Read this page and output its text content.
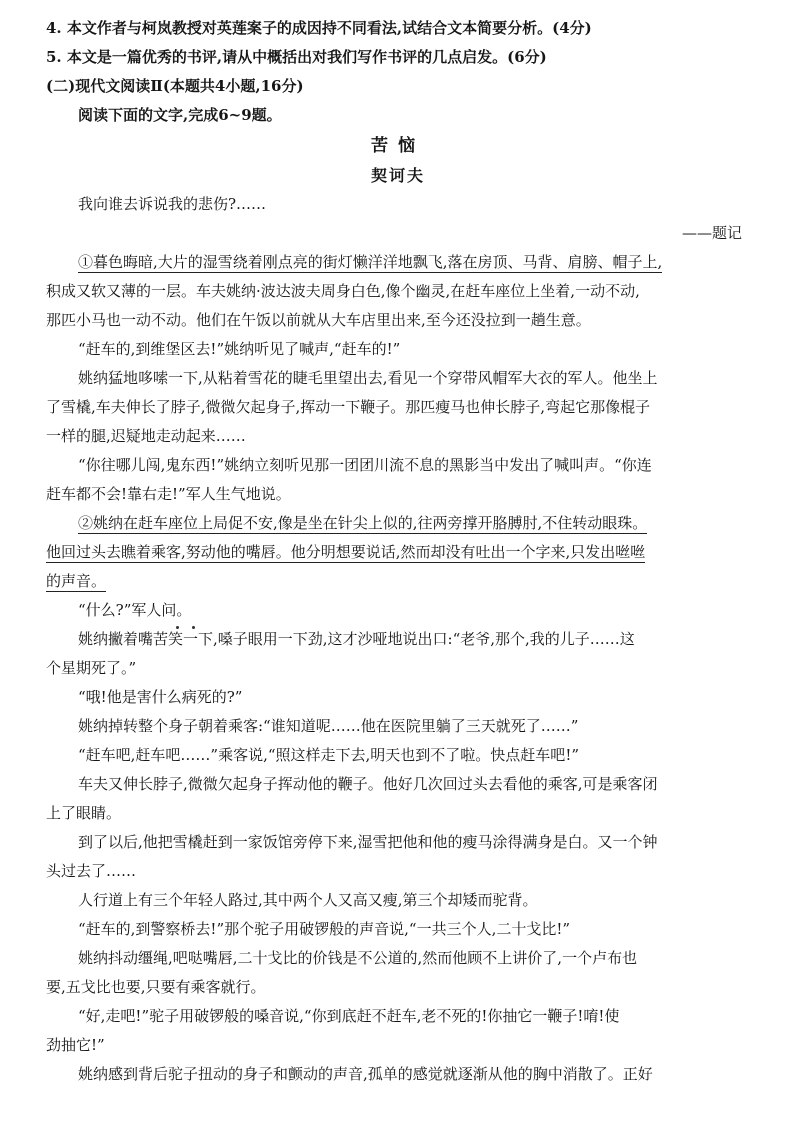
4. 本文作者与柯岚教授对英莲案子的成因持不同看法,试结合文本简要分析。(4分)
5. 本文是一篇优秀的书评,请从中概括出对我们写作书评的几点启发。(6分)
(二)现代文阅读Ⅱ(本题共4小题,16分)
阅读下面的文字,完成6~9题。
苦恼
契诃夫
我向谁去诉说我的悲伤?……
——题记
①暮色晦暗,大片的湿雪绕着刚点亮的街灯懒洋洋地飘飞,落在房顶、马背、肩膀、帽子上,
积成又软又薄的一层。车夫姚纳·波达波夫周身白色,像个幽灵,在赶车座位上坐着,一动不动,
那匹小马也一动不动。他们在午饭以前就从大车店里出来,至今还没拉到一趟生意。
“赶车的,到维堡区去!”姚纳听见了喊声,“赶车的!”
姚纳猛地哆嗦一下,从粘着雪花的睫毛里望出去,看见一个穿带风帽军大衣的军人。他坐上
了雪橇,车夫伸长了脖子,微微欠起身子,挥动一下鞭子。那匹瘦马也伸长脖子,弯起它那像棍子
一样的腿,迟疑地走动起来……
“你往哪儿闯,鬼东西!”姚纳立刻听见那一团团川流不息的黑影当中发出了喊叫声。“你连
赶车都不会!靠右走!”军人生气地说。
②姚纳在赶车座位上局促不安,像是坐在针尖上似的,往两旁撑开胳膊肘,不住转动眼珠。
他回过头去瞧着乘客,努动他的嘴唇。他分明想要说话,然而却没有吐出一个字来,只发出咝咝
的声音。
“什么?”军人问。
姚纳撇着嘴苦笑一下,嗓子眼用一下劲,这才沙哑地说出口:“老爷,那个,我的儿子……这
个星期死了。”
“哦!他是害什么病死的?”
姚纳掉转整个身子朝着乘客:“谁知道呢……他在医院里躺了三天就死了……”
“赶车吧,赶车吧……”乘客说,“照这样走下去,明天也到不了啦。快点赶车吧!”
车夫又伸长脖子,微微欠起身子挥动他的鞭子。他好几次回过头去看他的乘客,可是乘客闭
上了眼睛。
到了以后,他把雪橇赶到一家饭馆旁停下来,湿雪把他和他的瘦马涂得满身是白。又一个钟
头过去了……
人行道上有三个年轻人路过,其中两个人又高又瘦,第三个却矮而驼背。
“赶车的,到警察桥去!”那个驼子用破锣般的声音说,“一共三个人,二十戈比!”
姚纳抖动缰绳,吧哒嘴唇,二十戈比的价钱是不公道的,然而他顾不上讲价了,一个卢布也
要,五戈比也要,只要有乘客就行。
“好,走吧!”驼子用破锣般的嗓音说,“你到底赶不赶车,老不死的!你抽它一鞭子!唷!使
劲抽它!”
姚纳感到背后驼子扭动的身子和颤动的声音,孤单的感觉就逐渐从他的胸中消散了。正好
